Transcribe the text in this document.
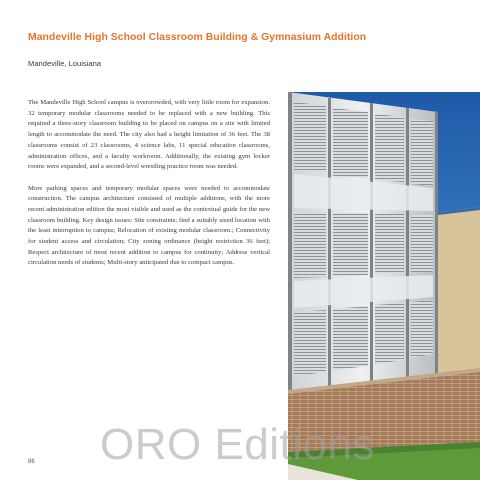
Mandeville High School Classroom Building & Gymnasium Addition
Mandeville, Louisiana

The Mandeville High School campus is overcrowded, with very little room for expansion. 32 temporary modular classrooms needed to be replaced with a new building. This required a three-story classroom building to be placed on campus on a site with limited length to accommodate the need. The city also had a height limitation of 36 feet. The 38 classrooms consist of 23 classrooms, 4 science labs, 11 special education classrooms, administration offices, and a faculty workroom. Additionally, the existing gym locker rooms were expanded, and a second-level wrestling practice room was needed.

More parking spaces and temporary modular spaces were needed to accommodate construction. The campus architecture consisted of multiple additions, with the more recent administration edition the most visible and used as the contextual guide for the new classroom building. Key design issues: Site constraints; find a suitably sized location with the least interruption to campus; Relocation of existing modular classroom.; Connectivity for student access and circulation; City zoning ordinance (height restriction 36 feet); Respect architecture of most recent addition to campus for continuity; Address vertical circulation needs of students; Multi-story anticipated due to compact campus.

86 ORO Editions
